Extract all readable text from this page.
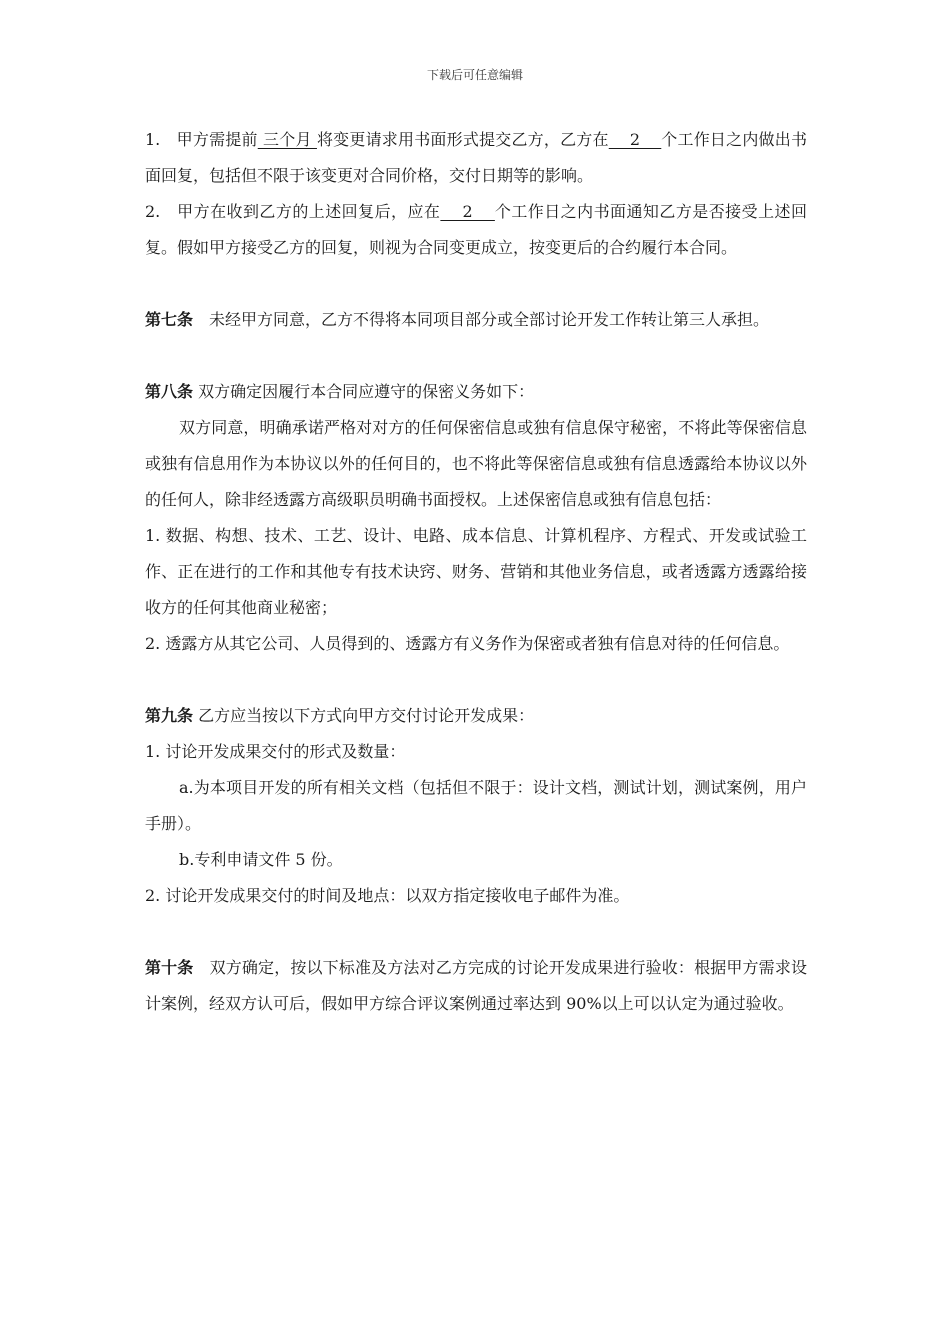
下载后可任意编辑

1.　甲方需提前 三个月 将变更请求用书面形式提交乙方，乙方在    2    个工作日之内做出书面回复，包括但不限于该变更对合同价格，交付日期等的影响。

2.　甲方在收到乙方的上述回复后，应在    2    个工作日之内书面通知乙方是否接受上述回复。假如甲方接受乙方的回复，则视为合同变更成立，按变更后的合约履行本合同。

第七条　未经甲方同意，乙方不得将本同项目部分或全部讨论开发工作转让第三人承担。

第八条 双方确定因履行本合同应遵守的保密义务如下：

双方同意，明确承诺严格对对方的任何保密信息或独有信息保守秘密，不将此等保密信息或独有信息用作为本协议以外的任何目的，也不将此等保密信息或独有信息透露给本协议以外的任何人，除非经透露方高级职员明确书面授权。上述保密信息或独有信息包括：

1. 数据、构想、技术、工艺、设计、电路、成本信息、计算机程序、方程式、开发或试验工作、正在进行的工作和其他专有技术诀窍、财务、营销和其他业务信息，或者透露方透露给接收方的任何其他商业秘密；

2. 透露方从其它公司、人员得到的、透露方有义务作为保密或者独有信息对待的任何信息。

第九条 乙方应当按以下方式向甲方交付讨论开发成果：

1. 讨论开发成果交付的形式及数量：

a.为本项目开发的所有相关文档（包括但不限于：设计文档，测试计划，测试案例，用户手册）。

b.专利申请文件 5 份。

2. 讨论开发成果交付的时间及地点：以双方指定接收电子邮件为准。

第十条　双方确定，按以下标准及方法对乙方完成的讨论开发成果进行验收：根据甲方需求设计案例，经双方认可后，假如甲方综合评议案例通过率达到 90%以上可以认定为通过验收。
